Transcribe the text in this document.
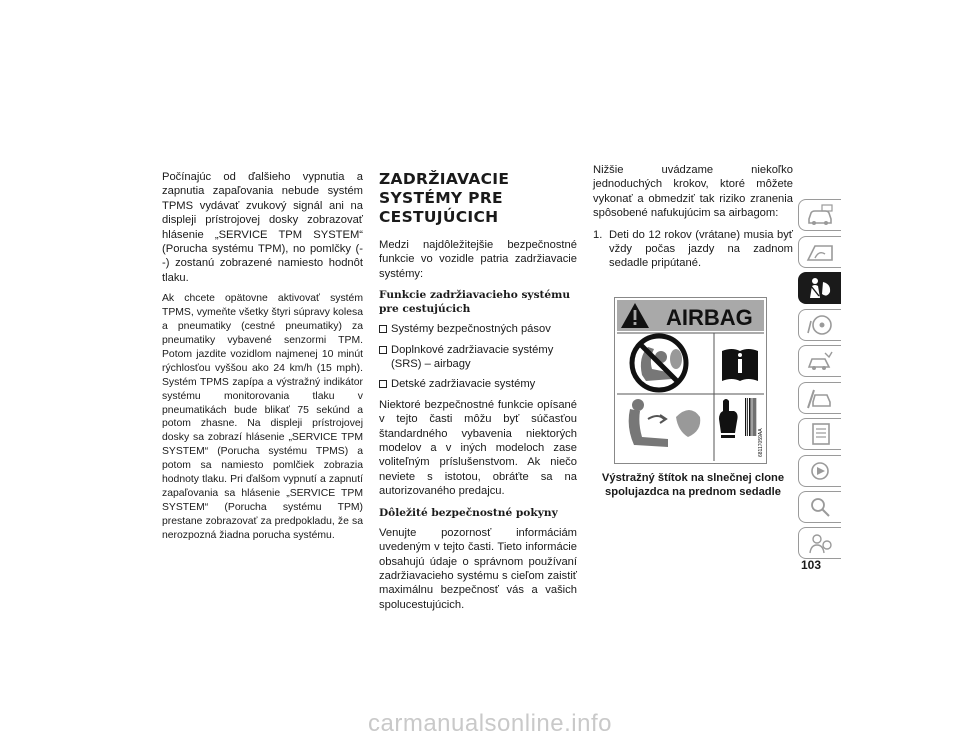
Počínajúc od ďalšieho vypnutia a zapnutia zapaľovania nebude systém TPMS vydávať zvukový signál ani na displeji prístrojovej dosky zobrazovať hlásenie „SERVICE TPM SYSTEM“ (Porucha systému TPM), no pomlčky (--) zostanú zobrazené namiesto hodnôt tlaku.

Ak chcete opätovne aktivovať systém TPMS, vymeňte všetky štyri súpravy kolesa a pneumatiky (cestné pneumatiky) za pneumatiky vybavené senzormi TPM. Potom jazdite vozidlom najmenej 10 minút rýchlosťou vyššou ako 24 km/h (15 mph). Systém TPMS zapípa a výstražný indikátor systému monitorovania tlaku v pneumatikách bude blikať 75 sekúnd a potom zhasne. Na displeji prístrojovej dosky sa zobrazí hlásenie „SERVICE TPM SYSTEM“ (Porucha systému TPMS) a potom sa namiesto pomlčiek zobrazia hodnoty tlaku. Pri ďalšom vypnutí a zapnutí zapaľovania sa hlásenie „SERVICE TPM SYSTEM“ (Porucha systému TPM) prestane zobrazovať za predpokladu, že sa nerozpozná žiadna porucha systému.

ZADRŽIAVACIE SYSTÉMY PRE CESTUJÚCICH

Medzi najdôležitejšie bezpečnostné funkcie vo vozidle patria zadržiavacie systémy:

Funkcie zadržiavacieho systému pre cestujúcich
Systémy bezpečnostných pásov
Doplnkové zadržiavacie systémy (SRS) – airbagy
Detské zadržiavacie systémy

Niektoré bezpečnostné funkcie opísané v tejto časti môžu byť súčasťou štandardného vybavenia niektorých modelov a v iných modeloch zase voliteľným príslušenstvom. Ak niečo neviete s istotou, obráťte sa na autorizovaného predajcu.

Dôležité bezpečnostné pokyny

Venujte pozornosť informáciám uvedeným v tejto časti. Tieto informácie obsahujú údaje o správnom používaní zadržiavacieho systému s cieľom zaistiť maximálnu bezpečnosť vás a vašich spolucestujúcich.

Nižšie uvádzame niekoľko jednoduchých krokov, ktoré môžete vykonať a obmedziť tak riziko zranenia spôsobené nafukujúcim sa airbagom:

1. Deti do 12 rokov (vrátane) musia byť vždy počas jazdy na zadnom sedadle pripútané.
AIRBAG
68117059AA
Výstražný štítok na slnečnej clone spolujazdca na prednom sedadle
103
carmanualsonline.info
